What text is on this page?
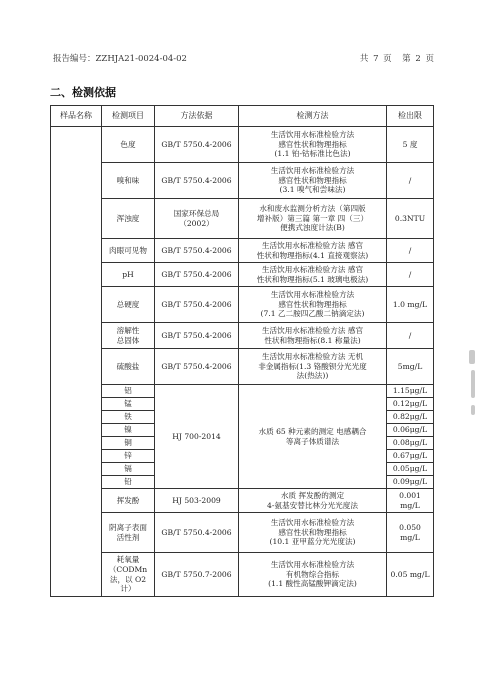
报告编号：ZZHJA21-0024-04-02	共 7 页　第 2 页
二、检测依据
样品名称	检测项目	方法依据	检测方法	检出限
	色度	GB/T 5750.4-2006	生活饮用水标准检验方法
感官性状和物理指标
(1.1 铂-钴标准比色法)	5 度
	嗅和味	GB/T 5750.4-2006	生活饮用水标准检验方法
感官性状和物理指标
(3.1 嗅气和尝味法)	/
	浑浊度	国家环保总局
（2002）	水和废水监测分析方法（第四版
增补版）第三篇 第一章 四（三）
便携式浊度计法(B)	0.3NTU
	肉眼可见物	GB/T 5750.4-2006	生活饮用水标准检验方法 感官
性状和物理指标(4.1 直接观察法)	/
	pH	GB/T 5750.4-2006	生活饮用水标准检验方法 感官
性状和物理指标(5.1 玻璃电极法)	/
	总硬度	GB/T 5750.4-2006	生活饮用水标准检验方法
感官性状和物理指标
(7.1 乙二胺四乙酸二钠滴定法)	1.0 mg/L
	溶解性
总固体	GB/T 5750.4-2006	生活饮用水标准检验方法 感官
性状和物理指标(8.1 称量法)	/
	硫酸盐	GB/T 5750.4-2006	生活饮用水标准检验方法 无机
非金属指标(1.3 铬酸钡分光光度
法(热法))	5mg/L
	铝	HJ 700-2014	水质 65 种元素的测定 电感耦合
等离子体质谱法	1.15μg/L
	锰			0.12μg/L
	铁			0.82μg/L
	镍			0.06μg/L
	铜			0.08μg/L
	锌			0.67μg/L
	镉			0.05μg/L
	铅			0.09μg/L
	挥发酚	HJ 503-2009	水质 挥发酚的测定
4-氨基安替比林分光光度法	0.001
mg/L
	阴离子表面
活性剂	GB/T 5750.4-2006	生活饮用水标准检验方法
感官性状和物理指标
(10.1 亚甲蓝分光光度法)	0.050
mg/L
	耗氧量
（CODMn
法，以 O2 计）	GB/T 5750.7-2006	生活饮用水标准检验方法
有机物综合指标
(1.1 酸性高锰酸钾滴定法)	0.05 mg/L
